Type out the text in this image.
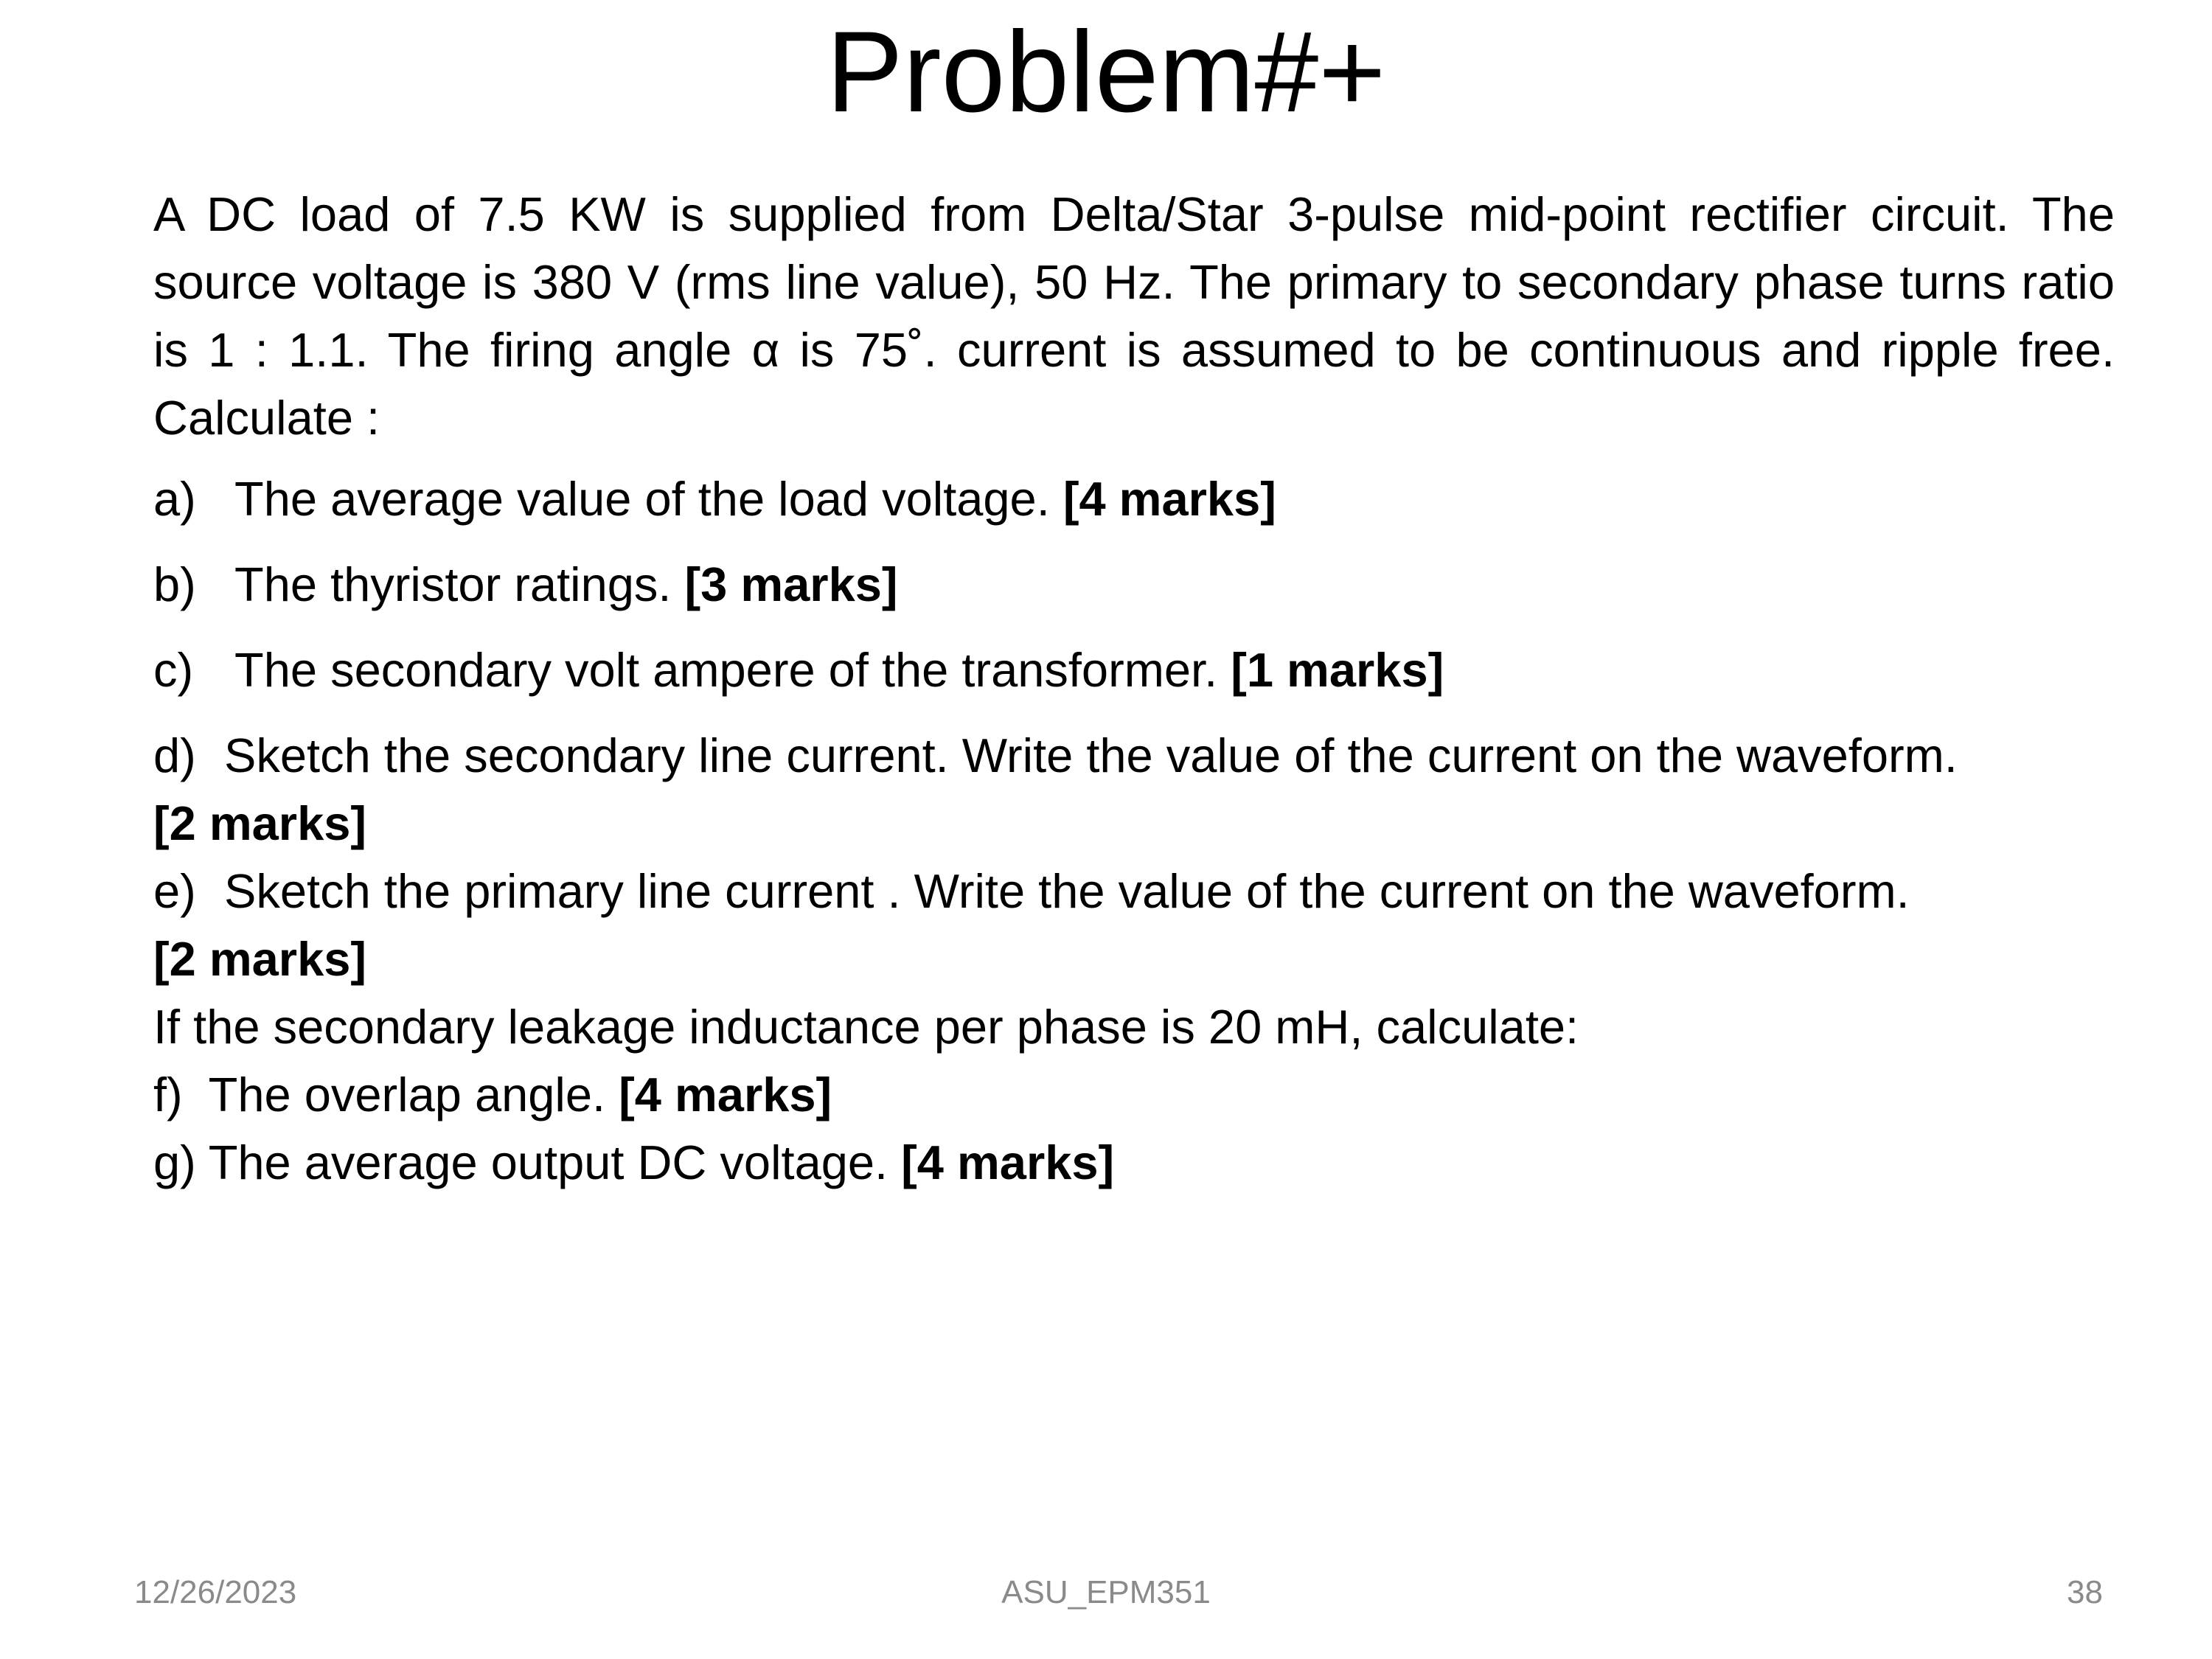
Problem#+

A DC load of 7.5 KW is supplied from Delta/Star 3-pulse mid-point rectifier circuit. The source voltage is 380 V (rms line value), 50 Hz. The primary to secondary phase turns ratio is 1 : 1.1. The firing angle α is 75˚. current is assumed to be continuous and ripple free. Calculate :

a) The average value of the load voltage. [4 marks]

b) The thyristor ratings. [3 marks]

c) The secondary volt ampere of the transformer. [1 marks]

d) Sketch the secondary line current. Write the value of the current on the waveform.

[2 marks]

e) Sketch the primary line current . Write the value of the current on the waveform.

[2 marks]

If the secondary leakage inductance per phase is 20 mH, calculate:

f) The overlap angle. [4 marks]

g) The average output DC voltage. [4 marks]

12/26/2023	ASU_EPM351	38
